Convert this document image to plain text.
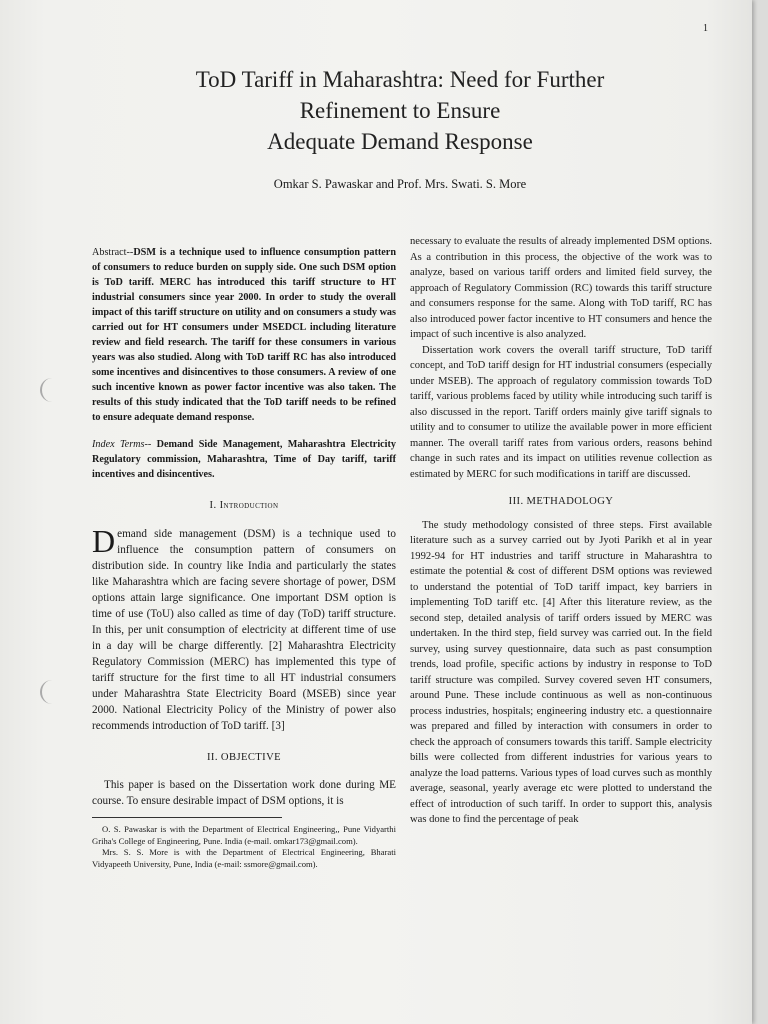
1
ToD Tariff in Maharashtra: Need for Further
Refinement to Ensure
Adequate Demand Response
Omkar S. Pawaskar and Prof. Mrs. Swati. S. More

Abstract--DSM is a technique used to influence consumption pattern of consumers to reduce burden on supply side. One such DSM option is ToD tariff. MERC has introduced this tariff structure to HT industrial consumers since year 2000. In order to study the overall impact of this tariff structure on utility and on consumers a study was carried out for HT consumers under MSEDCL including literature review and field research. The tariff for these consumers in various years was also studied. Along with ToD tariff RC has also introduced some incentives and disincentives to those consumers. A review of one such incentive known as power factor incentive was also taken. The results of this study indicated that the ToD tariff needs to be refined to ensure adequate demand response.

Index Terms-- Demand Side Management, Maharashtra Electricity Regulatory commission, Maharashtra, Time of Day tariff, tariff incentives and disincentives.

I. Introduction

Demand side management (DSM) is a technique used to influence the consumption pattern of consumers on distribution side. In country like India and particularly the states like Maharashtra which are facing severe shortage of power, DSM options attain large significance. One important DSM option is time of use (ToU) also called as time of day (ToD) tariff structure. In this, per unit consumption of electricity at different time of use in a day will be charge differently. [2] Maharashtra Electricity Regulatory Commission (MERC) has implemented this type of tariff structure for the first time to all HT industrial consumers under Maharashtra State Electricity Board (MSEB) since year 2000. National Electricity Policy of the Ministry of power also recommends introduction of ToD tariff. [3]

II. OBJECTIVE

This paper is based on the Dissertation work done during ME course. To ensure desirable impact of DSM options, it is

O. S. Pawaskar is with the Department of Electrical Engineering,, Pune Vidyarthi Griha's College of Engineering, Pune. India (e-mail. omkar173@gmail.com).

Mrs. S. S. More is with the Department of Electrical Engineering, Bharati Vidyapeeth University, Pune, India (e-mail: ssmore@gmail.com).

necessary to evaluate the results of already implemented DSM options. As a contribution in this process, the objective of the work was to analyze, based on various tariff orders and limited field survey, the approach of Regulatory Commission (RC) towards this tariff structure and consumers response for the same. Along with ToD tariff, RC has also introduced power factor incentive to HT consumers and hence the impact of such incentive is also analyzed.

Dissertation work covers the overall tariff structure, ToD tariff concept, and ToD tariff design for HT industrial consumers (especially under MSEB). The approach of regulatory commission towards ToD tariff, various problems faced by utility while introducing such tariff is also discussed in the report. Tariff orders mainly give tariff signals to utility and to consumer to utilize the available power in more efficient manner. The overall tariff rates from various orders, reasons behind change in such rates and its impact on utilities revenue collection as estimated by MERC for such modifications in tariff are discussed.

III. METHADOLOGY

The study methodology consisted of three steps. First available literature such as a survey carried out by Jyoti Parikh et al in year 1992-94 for HT industries and tariff structure in Maharashtra to estimate the potential & cost of different DSM options was reviewed to understand the potential of ToD tariff impact, key barriers in implementing ToD tariff etc. [4] After this literature review, as the second step, detailed analysis of tariff orders issued by MERC was undertaken. In the third step, field survey was carried out. In the field survey, using survey questionnaire, data such as past consumption trends, load profile, specific actions by industry in response to ToD tariff structure was compiled. Survey covered seven HT consumers, around Pune. These include continuous as well as non-continuous process industries, hospitals; engineering industry etc. a questionnaire was prepared and filled by interaction with consumers in order to check the approach of consumers towards this tariff. Sample electricity bills were collected from different industries for various years to analyze the load patterns. Various types of load curves such as monthly average, seasonal, yearly average etc were plotted to understand the effect of introduction of such tariff. In order to support this, analysis was done to find the percentage of peak
